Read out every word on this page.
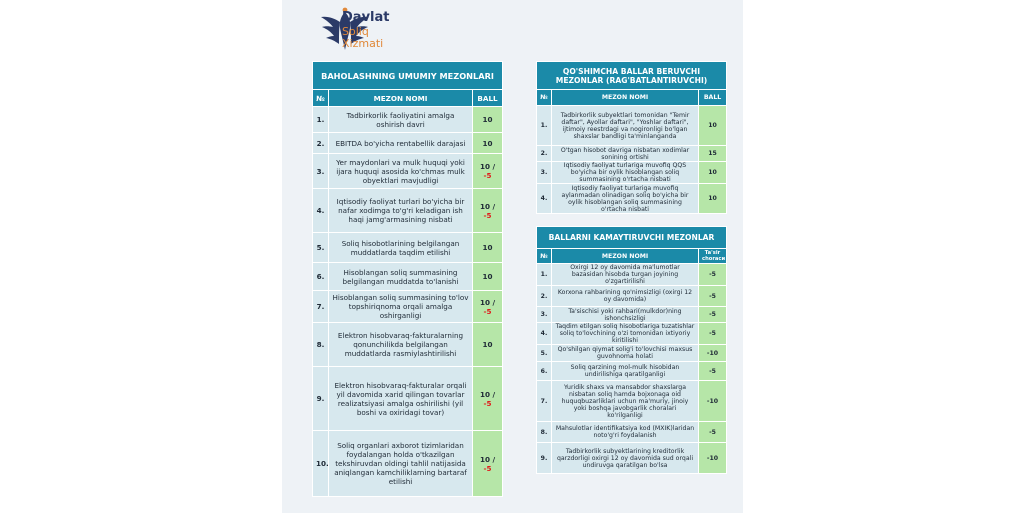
Davlat
Soliq
Xizmati
BAHOLASHNING UMUMIY MEZONLARI		
№	MEZON NOMI	BALL
1.	Tadbirkorlik faoliyatini amalga oshirish davri	10
2.	EBITDA bo'yicha rentabellik darajasi	10
3.	Yer maydonlari va mulk huquqi yoki ijara huquqi asosida ko'chmas mulk obyektlari mavjudligi	10 / -5
4.	Iqtisodiy faoliyat turlari bo'yicha bir nafar xodimga to'g'ri keladigan ish haqi jamg'armasining nisbati	10 / -5
5.	Soliq hisobotlarining belgilangan muddatlarda taqdim etilishi	10
6.	Hisoblangan soliq summasining belgilangan muddatda to'lanishi	10
7.	Hisoblangan soliq summasining to'lov topshiriqnoma orqali amalga oshirganligi	10 / -5
8.	Elektron hisobvaraq-fakturalarning qonunchilikda belgilangan muddatlarda rasmiylashtirilishi	10
9.	Elektron hisobvaraq-fakturalar orqali yil davomida xarid qilingan tovarlar realizatsiyasi amalga oshirilishi (yil boshi va oxiridagi tovar)	10 / -5
10.	Soliq organlari axborot tizimlaridan foydalangan holda o'tkazilgan tekshiruvdan oldingi tahlil natijasida aniqlangan kamchiliklarning bartaraf etilishi	10 / -5
QO'SHIMCHA BALLAR BERUVCHI MEZONLAR (RAG'BATLANTIRUVCHI)		
№	MEZON NOMI	BALL
1.	Tadbirkorlik subyektlari tomonidan "Temir daftar", Ayollar daftari", "Yoshlar daftari", ijtimoiy reestrdagi va nogironligi bo'lgan shaxslar bandligi ta'minlanganda	10
2.	O'tgan hisobot davriga nisbatan xodimlar sonining ortishi	15
3.	Iqtisodiy faoliyat turlariga muvofiq QQS bo'yicha bir oylik hisoblangan soliq summasining o'rtacha nisbati	10
4.	Iqtisodiy faoliyat turlariga muvofiq aylanmadan olinadigan soliq bo'yicha bir oylik hisoblangan soliq summasining o'rtacha nisbati	10
BALLARNI KAMAYTIRUVCHI MEZONLAR		
№	MEZON NOMI	Ta'sir choraси
1.	Oxirgi 12 oy davomida ma'lumotlar bazasidan hisobda turgan joyining o'zgartirilishi	-5
2.	Korxona rahbarining qo'nimsizligi (oxirgi 12 oy davomida)	-5
3.	Ta'sischisi yoki rahbari(mulkdor)ning ishonchsizligi	-5
4.	Taqdim etilgan soliq hisobotlariga tuzatishlar soliq to'lovchining o'zi tomonidan ixtiyoriy kiritilishi	-5
5.	Qo'shilgan qiymat solig'i to'lovchisi maxsus guvohnoma holati	-10
6.	Soliq qarzining mol-mulk hisobidan undirilishiga qaratilganligi	-5
7.	Yuridik shaxs va mansabdor shaxslarga nisbatan soliq hamda bojxonaga oid huquqbuzarliklari uchun ma'muriy, jinoiy yoki boshqa javobgarlik choralari ko'rilganligi	-10
8.	Mahsulotlar identifikatsiya kod (MXIK)laridan noto'g'ri foydalanish	-5
9.	Tadbirkorlik subyektlarining kreditorlik qarzdorligi oxirgi 12 oy davomida sud orqali undiruvga qaratilgan bo'lsa	-10
